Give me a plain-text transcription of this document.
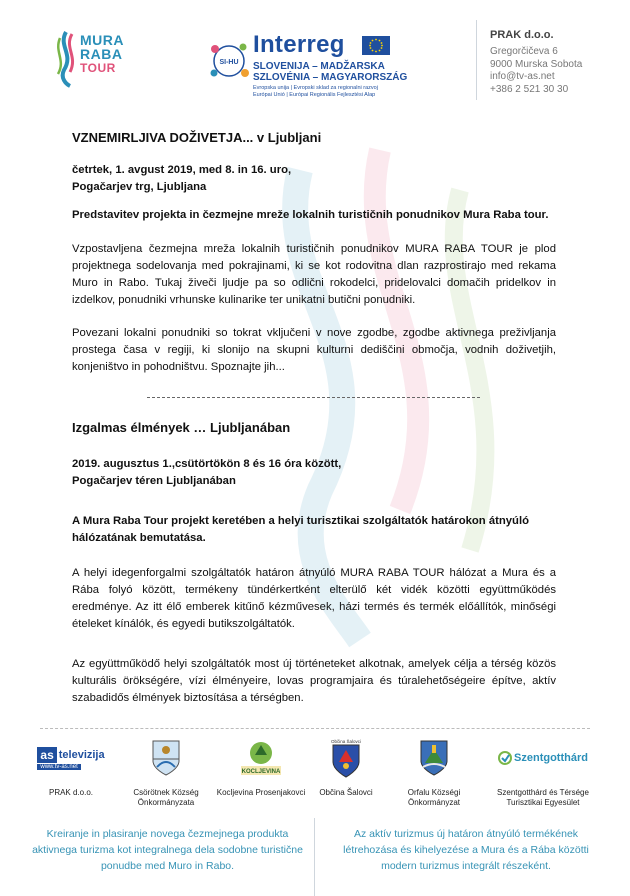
MURA
RABA
TOUR	SI-HU
Interreg
SLOVENIJA – MADŽARSKA
SZLOVÉNIA – MAGYARORSZÁG
Evropska unija | Evropski sklad za regionalni razvoj
Európai Unió | Európai Regionális Fejlesztési Alap
PRAK d.o.o.
Gregorčičeva 6
9000 Murska Sobota
info@tv-as.net
+386 2 521 30 30
VZNEMIRLJIVA DOŽIVETJA... v Ljubljani
četrtek, 1. avgust 2019, med 8. in 16. uro,
Pogačarjev trg, Ljubljana
Predstavitev projekta in čezmejne mreže lokalnih turističnih ponudnikov Mura Raba tour.
Vzpostavljena čezmejna mreža lokalnih turističnih ponudnikov MURA RABA TOUR je plod projektnega sodelovanja med pokrajinami, ki se kot rodovitna dlan razprostirajo med rekama Muro in Rabo. Tukaj živeči ljudje pa so odlični rokodelci, pridelovalci domačih pridelkov in izdelkov, ponudniki vrhunske kulinarike ter unikatni butični ponudniki.
Povezani lokalni ponudniki so tokrat vključeni v nove zgodbe, zgodbe aktivnega preživljanja prostega časa v regiji, ki slonijo na skupni kulturni dediščini območja, vodnih doživetjih, konjeništvo in pohodništvu. Spoznajte jih...
Izgalmas élmények … Ljubljanában
2019. augusztus 1.,csütörtökön 8 és 16 óra között,
Pogačarjev téren Ljubljanában
A Mura Raba Tour projekt keretében a helyi turisztikai szolgáltatók határokon átnyúló hálózatának bemutatása.
A helyi idegenforgalmi szolgáltatók határon átnyúló MURA RABA TOUR hálózat a Mura és a Rába folyó között, termékeny tündérkertként elterülő két vidék közötti együttműködés eredménye. Az itt élő emberek kitűnő kézművesek, házi termés és termék előállítók, minőségi ételeket kínálók, és egyedi butikszolgáltatók.
Az együttműködő helyi szolgáltatók most új történeteket alkotnak, amelyek célja a térség közös kulturális örökségére, vízi élményeire, lovas programjaira és túralehetőségeire építve, aktív szabadidős élmények biztosítása a térségben.
as televizija
www.tv-as.net
PRAK d.o.o.	Csörötnek Község Önkormányzata
KOCLJEVINA
Kocljevina Prosenjakovci
Občina Šalovci
Občina Šalovci	Orfalu Községi Önkormányzat
Szentgotthárd
Szentgotthárd és Térsége Turisztikai Egyesület
Kreiranje in plasiranje novega čezmejnega produkta aktivnega turizma kot integralnega dela sodobne turistične ponudbe med Muro in Rabo.
Az aktív turizmus új határon átnyúló termékének létrehozása és kihelyezése a Mura és a Rába közötti modern turizmus integrált részeként.
